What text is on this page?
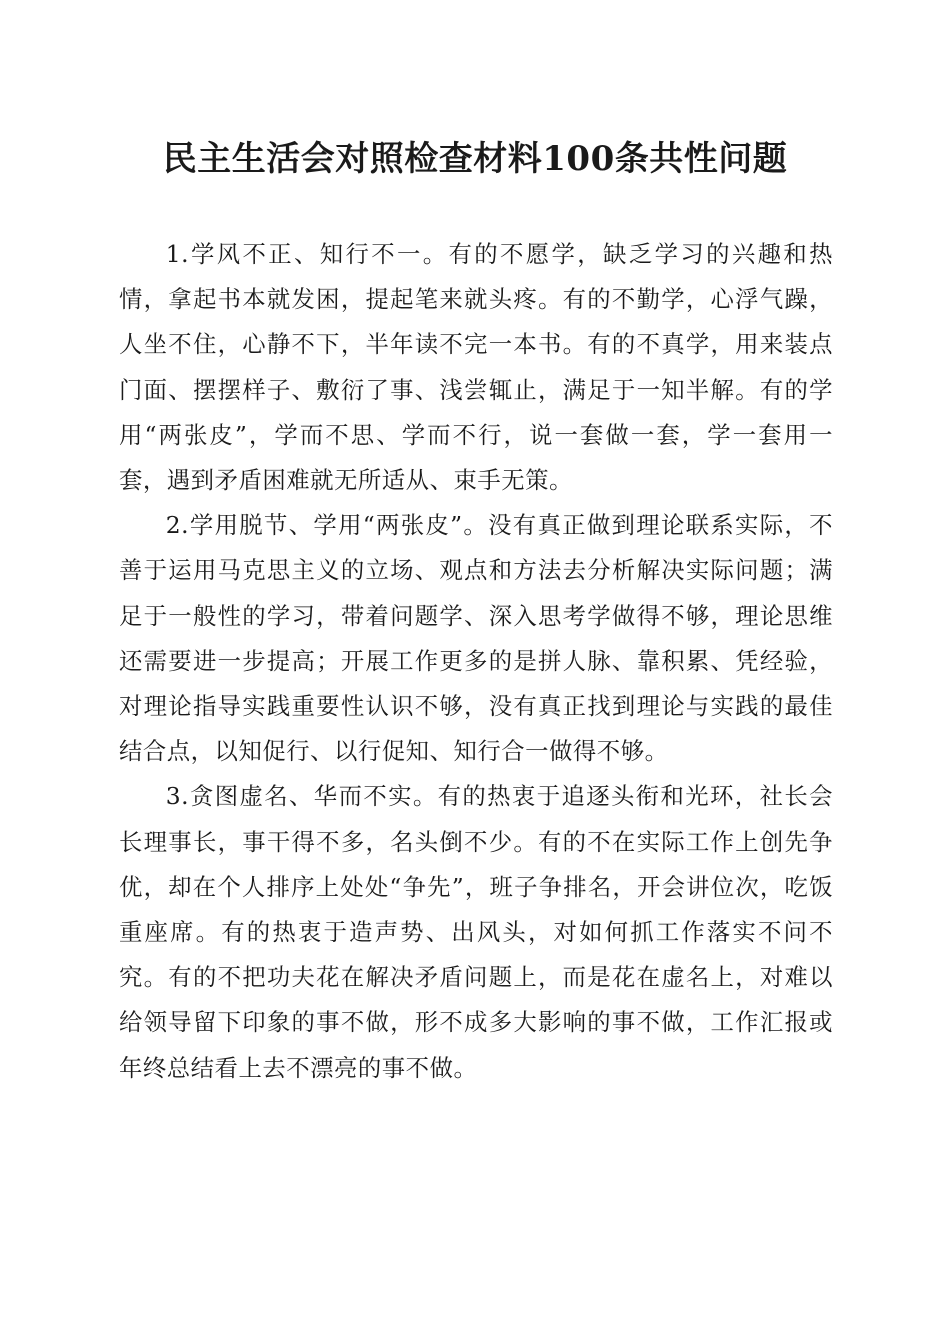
民主生活会对照检查材料100条共性问题

1.学风不正、知行不一。有的不愿学，缺乏学习的兴趣和热情，拿起书本就发困，提起笔来就头疼。有的不勤学，心浮气躁，人坐不住，心静不下，半年读不完一本书。有的不真学，用来装点门面、摆摆样子、敷衍了事、浅尝辄止，满足于一知半解。有的学用“两张皮”，学而不思、学而不行，说一套做一套，学一套用一套，遇到矛盾困难就无所适从、束手无策。

2.学用脱节、学用“两张皮”。没有真正做到理论联系实际，不善于运用马克思主义的立场、观点和方法去分析解决实际问题；满足于一般性的学习，带着问题学、深入思考学做得不够，理论思维还需要进一步提高；开展工作更多的是拼人脉、靠积累、凭经验，对理论指导实践重要性认识不够，没有真正找到理论与实践的最佳结合点，以知促行、以行促知、知行合一做得不够。

3.贪图虚名、华而不实。有的热衷于追逐头衔和光环，社长会长理事长，事干得不多，名头倒不少。有的不在实际工作上创先争优，却在个人排序上处处“争先”，班子争排名，开会讲位次，吃饭重座席。有的热衷于造声势、出风头，对如何抓工作落实不问不究。有的不把功夫花在解决矛盾问题上，而是花在虚名上，对难以给领导留下印象的事不做，形不成多大影响的事不做，工作汇报或年终总结看上去不漂亮的事不做。
